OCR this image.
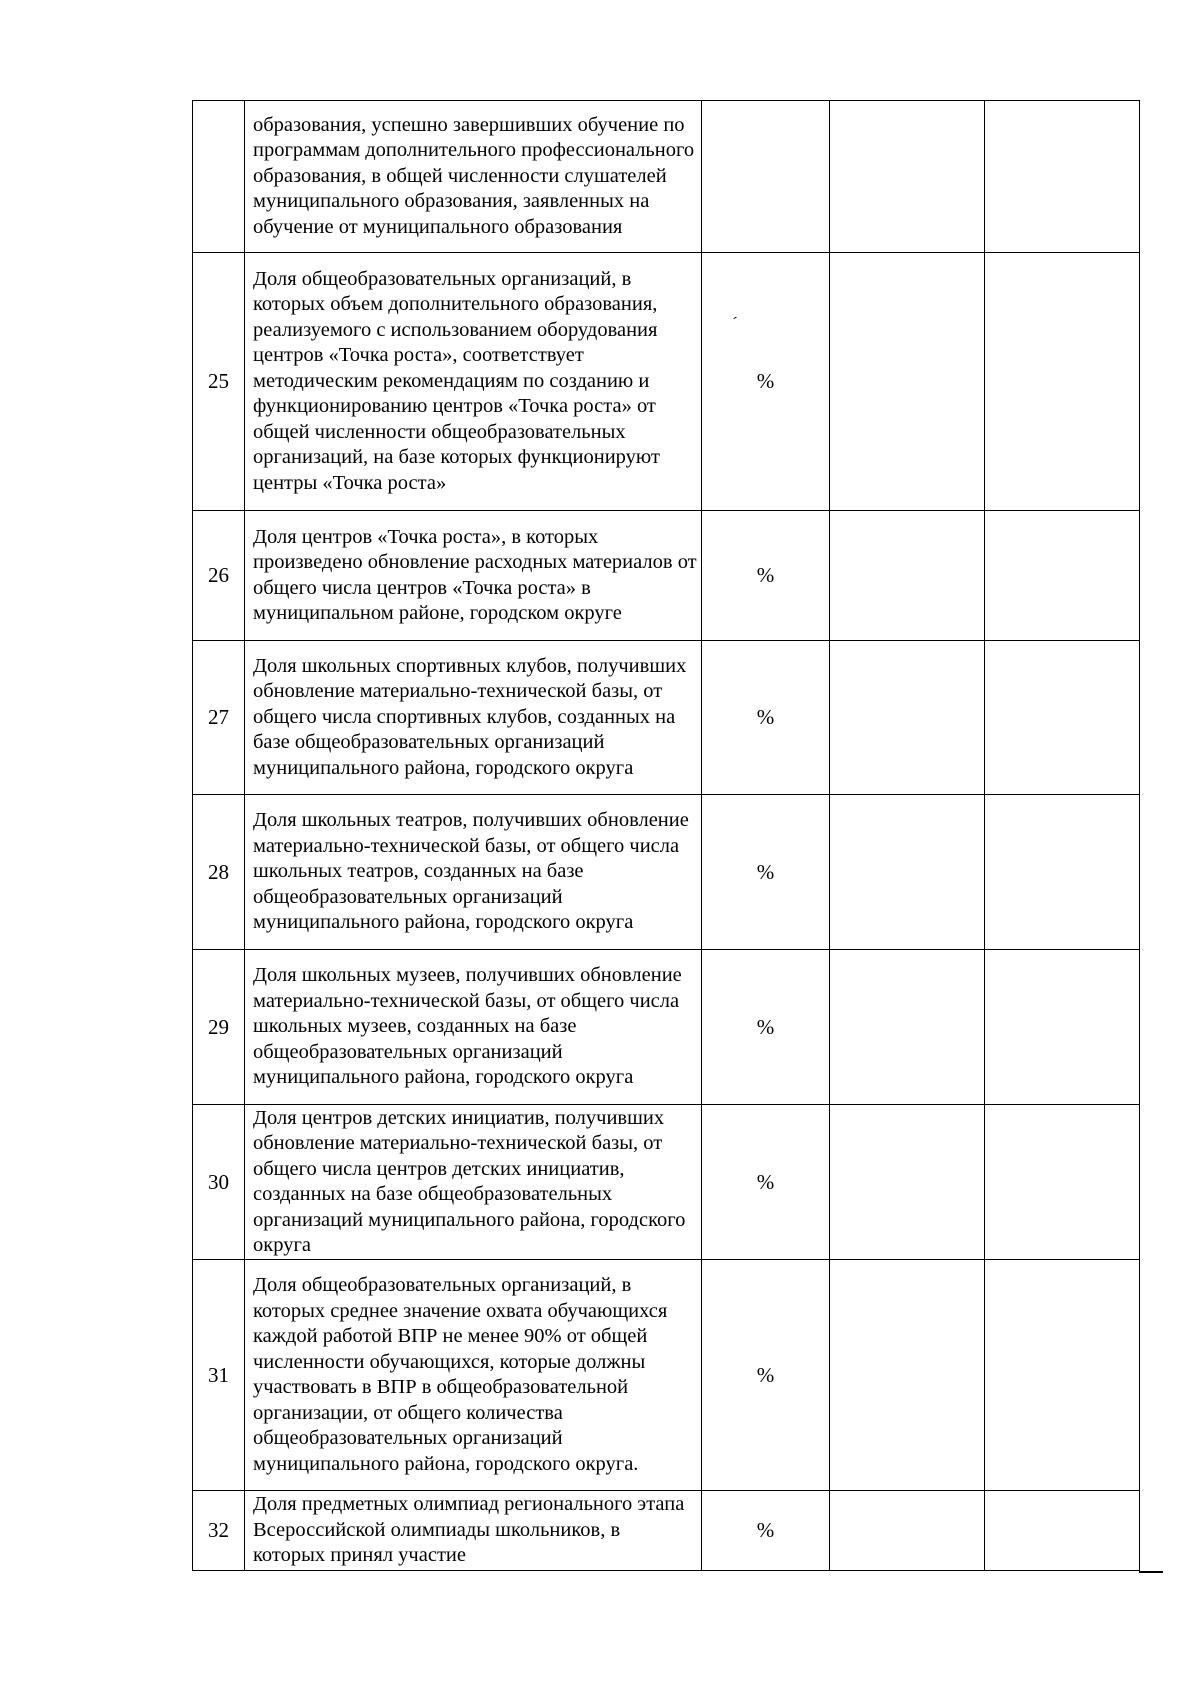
	образования, успешно завершивших обучение по программам дополнительного профессионального образования, в общей численности слушателей муниципального образования, заявленных на обучение от муниципального образования			
25	Доля общеобразовательных организаций, в которых объем дополнительного образования, реализуемого с использованием оборудования центров «Точка роста», соответствует методическим рекомендациям по созданию и функционированию центров «Точка роста» от общей численности общеобразовательных организаций, на базе которых функционируют центры «Точка роста»	%		
26	Доля центров «Точка роста», в которых произведено обновление расходных материалов от общего числа центров «Точка роста» в муниципальном районе, городском округе	%		
27	Доля школьных спортивных клубов, получивших обновление материально-технической базы, от общего числа спортивных клубов, созданных на базе общеобразовательных организаций муниципального района, городского округа	%		
28	Доля школьных театров, получивших обновление материально-технической базы, от общего числа школьных театров, созданных на базе общеобразовательных организаций муниципального района, городского округа	%		
29	Доля школьных музеев, получивших обновление материально-технической базы, от общего числа школьных музеев, созданных на базе общеобразовательных организаций муниципального района, городского округа	%		
30	Доля центров детских инициатив, получивших обновление материально-технической базы, от общего числа центров детских инициатив, созданных на базе общеобразовательных организаций муниципального района, городского округа	%		
31	Доля общеобразовательных организаций, в которых среднее значение охвата обучающихся каждой работой ВПР не менее 90% от общей численности обучающихся, которые должны участвовать в ВПР в общеобразовательной организации, от общего количества общеобразовательных организаций муниципального района, городского округа.	%		
32	Доля предметных олимпиад регионального этапа Всероссийской олимпиады школьников, в которых принял участие	%		
ˏ
